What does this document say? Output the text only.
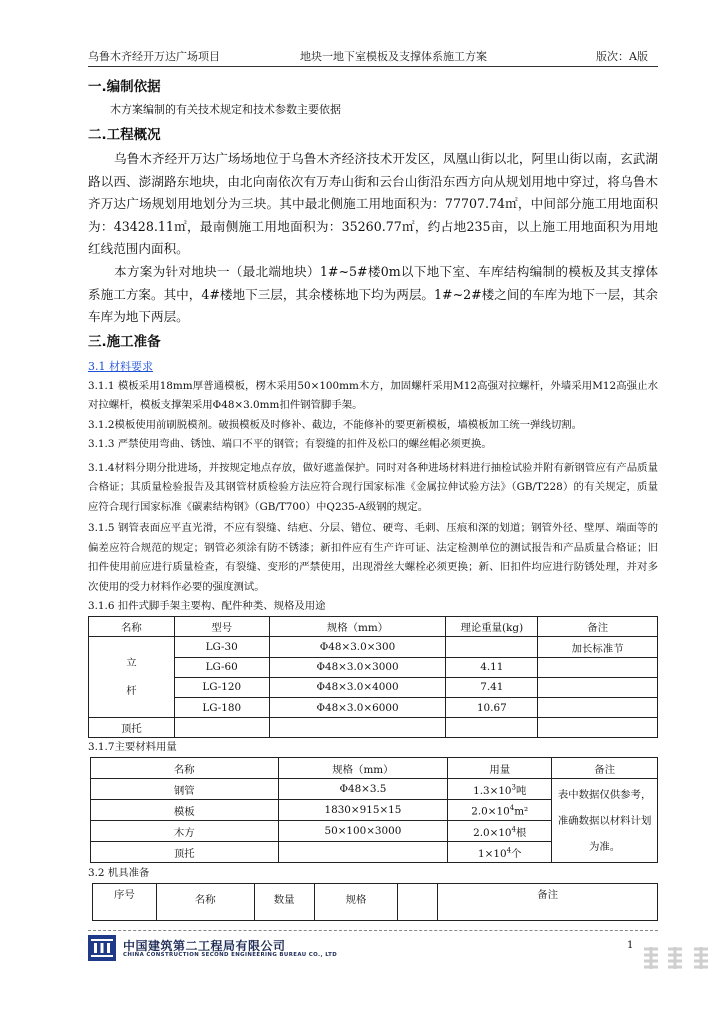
乌鲁木齐经开万达广场项目	地块一地下室模板及支撑体系施工方案	版次：A版
一.编制依据

木方案编制的有关技术规定和技术参数主要依据

二.工程概况

乌鲁木齐经开万达广场场地位于乌鲁木齐经济技术开发区，凤凰山街以北，阿里山街以南，玄武湖路以西、澎湖路东地块，由北向南依次有万寿山街和云台山街沿东西方向从规划用地中穿过，将乌鲁木齐万达广场规划用地划分为三块。其中最北侧施工用地面积为：77707.74㎡，中间部分施工用地面积为：43428.11㎡，最南侧施工用地面积为：35260.77㎡，约占地235亩，以上施工用地面积为用地红线范围内面积。

本方案为针对地块一（最北端地块）1#~5#楼0m以下地下室、车库结构编制的模板及其支撑体系施工方案。其中，4#楼地下三层，其余楼栋地下均为两层。1#~2#楼之间的车库为地下一层，其余车库为地下两层。

三.施工准备

3.1 材料要求

3.1.1 模板采用18mm厚普通模板，楞木采用50×100mm木方，加固螺杆采用M12高强对拉螺杆，外墙采用M12高强止水对拉螺杆，模板支撑架采用Φ48×3.0mm扣件钢管脚手架。

3.1.2模板使用前刷脱模剂。破损模板及时修补、截边，不能修补的要更新模板，墙模板加工统一弹线切割。

3.1.3 严禁使用弯曲、锈蚀、端口不平的钢管；有裂缝的扣件及松口的螺丝帽必须更换。

3.1.4材料分期分批进场，并按规定地点存放，做好遮盖保护。同时对各种进场材料进行抽检试验并附有新钢管应有产品质量合格证；其质量检验报告及其钢管材质检验方法应符合现行国家标准《金属拉伸试验方法》（GB/T228）的有关规定，质量应符合现行国家标准《碳素结构钢》（GB/T700）中Q235-A级钢的规定。

3.1.5 钢管表面应平直光滑，不应有裂缝、结疤、分层、错位、硬弯、毛刺、压痕和深的划道；钢管外径、壁厚、端面等的偏差应符合规范的规定；钢管必须涂有防不锈漆；新扣件应有生产许可证、法定检测单位的测试报告和产品质量合格证；旧扣件使用前应进行质量检查，有裂缝、变形的严禁使用，出现滑丝大螺栓必须更换；新、旧扣件均应进行防锈处理，并对多次使用的受力材料作必要的强度测试。

3.1.6 扣件式脚手架主要构、配件种类、规格及用途

名称	型号	规格（mm）	理论重量(kg)	备注

立
杆	LG-30	Φ48×3.0×300		加长标准节
	LG-60	Φ48×3.0×3000	4.11	
	LG-120	Φ48×3.0×4000	7.41	
	LG-180	Φ48×3.0×6000	10.67	
顶托				

3.1.7主要材料用量

名称	规格（mm）	用量	备注
钢管	Φ48×3.5	$1.3\times 10^3$吨	表中数据仅供参考，
准确数据以材料计划
为准。

模板	1830×915×15	$2.0\times 10^4m^2$	
木方	50×100×3000	$2.0\times 10^4$根	
顶托		$1\times 10^4$个	

3.2 机具准备

序号	名称	数量	规格		备注
中国建筑第二工程局有限公司
CHINA CONSTRUCTION SECOND ENGINEERING BUREAU CO., LTD
1
